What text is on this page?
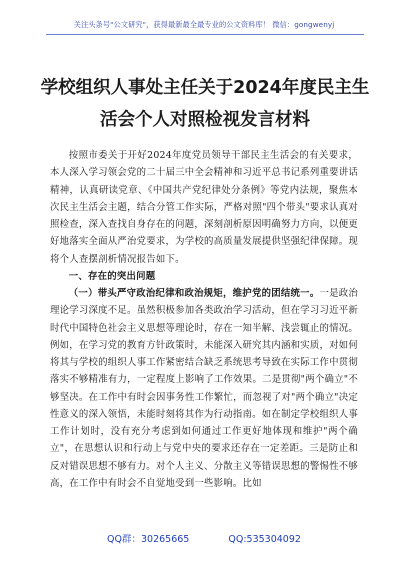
关注头条号"公文研究"，获得最新最全最专业的公文资料库！ 微信：gongwenyj
学校组织人事处主任关于2024年度民主生
活会个人对照检视发言材料

按照市委关于开好2024年度党员领导干部民主生活会的有关要求，本人深入学习领会党的二十届三中全会精神和习近平总书记系列重要讲话精神，认真研读党章、《中国共产党纪律处分条例》等党内法规，聚焦本次民主生活会主题，结合分管工作实际，严格对照"四个带头"要求认真对照检查，深入查找自身存在的问题，深刻剖析原因明确努力方向，以便更好地落实全面从严治党要求，为学校的高质量发展提供坚强纪律保障。现将个人查摆剖析情况报告如下。

一、存在的突出问题

（一）带头严守政治纪律和政治规矩，维护党的团结统一。一是政治理论学习深度不足。虽然积极参加各类政治学习活动，但在学习习近平新时代中国特色社会主义思想等理论时，存在一知半解、浅尝辄止的情况。例如，在学习党的教育方针政策时，未能深入研究其内涵和实质，对如何将其与学校的组织人事工作紧密结合缺乏系统思考导致在实际工作中贯彻落实不够精准有力，一定程度上影响了工作效果。二是贯彻"两个确立"不够坚决。在工作中有时会因事务性工作繁忙，而忽视了对"两个确立"决定性意义的深入领悟，未能时刻将其作为行动指南。如在制定学校组织人事工作计划时，没有充分考虑到如何通过工作更好地体现和维护"两个确立"，在思想认识和行动上与党中央的要求还存在一定差距。三是防止和反对错误思想不够有力。对个人主义、分散主义等错误思想的警惕性不够高，在工作中有时会不自觉地受到一些影响。比如

QQ群：30265665	QQ:535304092
